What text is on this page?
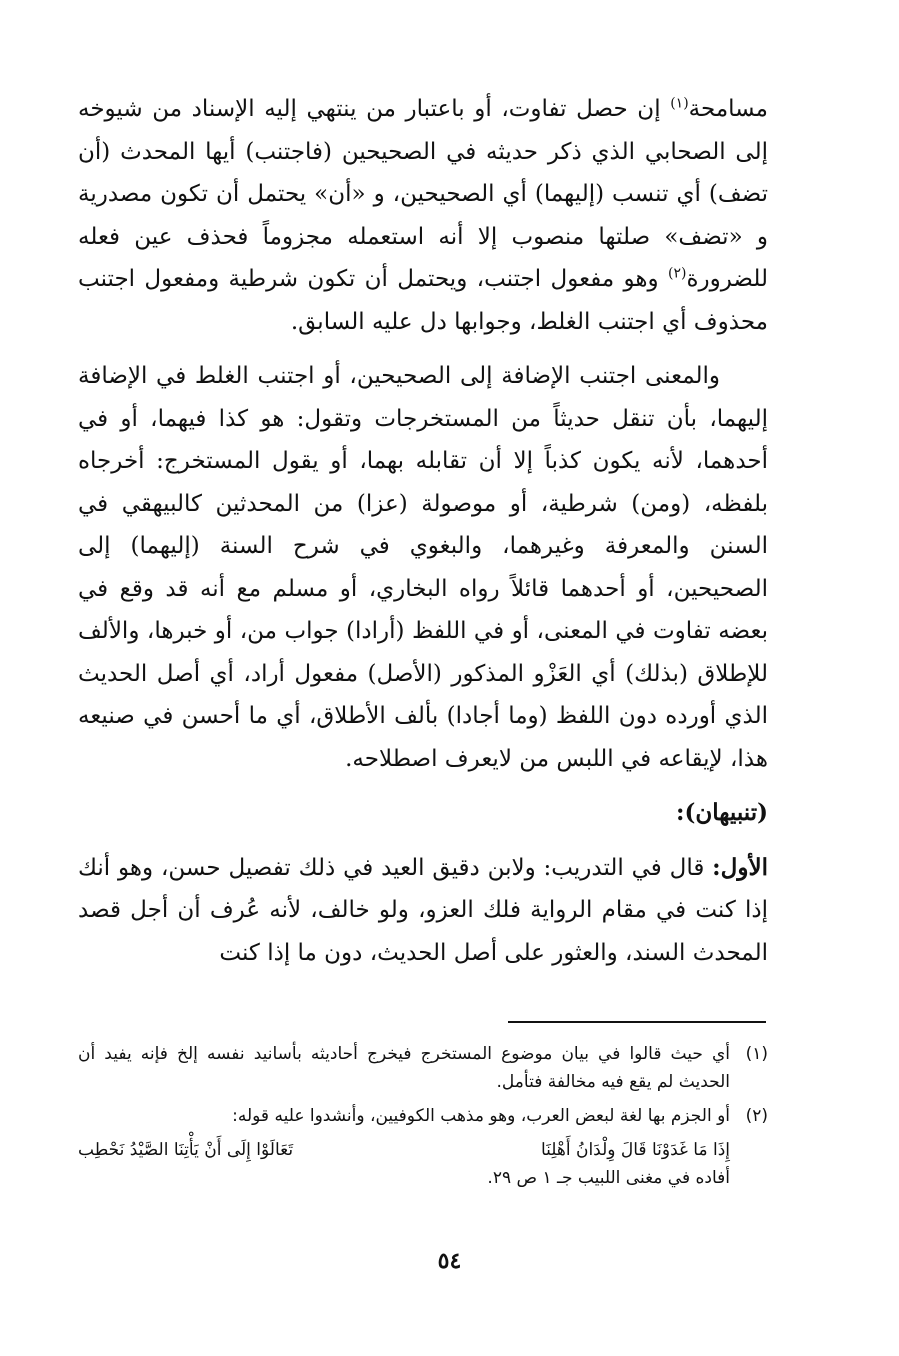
مسامحة$^{(١)}$ إن حصل تفاوت، أو باعتبار من ينتهي إليه الإسناد من شيوخه إلى الصحابي الذي ذكر حديثه في الصحيحين (فاجتنب) أيها المحدث (أن تضف) أي تنسب (إليهما) أي الصحيحين، و «أن» يحتمل أن تكون مصدرية و «تضف» صلتها منصوب إلا أنه استعمله مجزوماً فحذف عين فعله للضرورة$^{(٢)}$ وهو مفعول اجتنب، ويحتمل أن تكون شرطية ومفعول اجتنب محذوف أي اجتنب الغلط، وجوابها دل عليه السابق.

والمعنى اجتنب الإضافة إلى الصحيحين، أو اجتنب الغلط في الإضافة إليهما، بأن تنقل حديثاً من المستخرجات وتقول: هو كذا فيهما، أو في أحدهما، لأنه يكون كذباً إلا أن تقابله بهما، أو يقول المستخرج: أخرجاه بلفظه، (ومن) شرطية، أو موصولة (عزا) من المحدثين كالبيهقي في السنن والمعرفة وغيرهما، والبغوي في شرح السنة (إليهما) إلى الصحيحين، أو أحدهما قائلاً رواه البخاري، أو مسلم مع أنه قد وقع في بعضه تفاوت في المعنى، أو في اللفظ (أرادا) جواب من، أو خبرها، والألف للإطلاق (بذلك) أي العَزْو المذكور (الأصل) مفعول أراد، أي أصل الحديث الذي أورده دون اللفظ (وما أجادا) بألف الأطلاق، أي ما أحسن في صنيعه هذا، لإيقاعه في اللبس من لايعرف اصطلاحه.

(تنبيهان):

الأول: قال في التدريب: ولابن دقيق العيد في ذلك تفصيل حسن، وهو أنك إذا كنت في مقام الرواية فلك العزو، ولو خالف، لأنه عُرف أن أجل قصد المحدث السند، والعثور على أصل الحديث، دون ما إذا كنت

(١)
أي حيث قالوا في بيان موضوع المستخرج فيخرج أحاديثه بأسانيد نفسه إلخ فإنه يفيد أن الحديث لم يقع فيه مخالفة فتأمل.
(٢)
أو الجزم بها لغة لبعض العرب، وهو مذهب الكوفيين، وأنشدوا عليه قوله:
إِذَا مَا غَدَوْنَا قَالَ وِلْدَانُ أَهْلِنَا
تَعَالَوْا إِلَى أَنْ يَأْتِنَا الصَّيْدُ نَحْطِب

أفاده في مغنى اللبيب جـ ١ ص ٢٩.

٥٤
